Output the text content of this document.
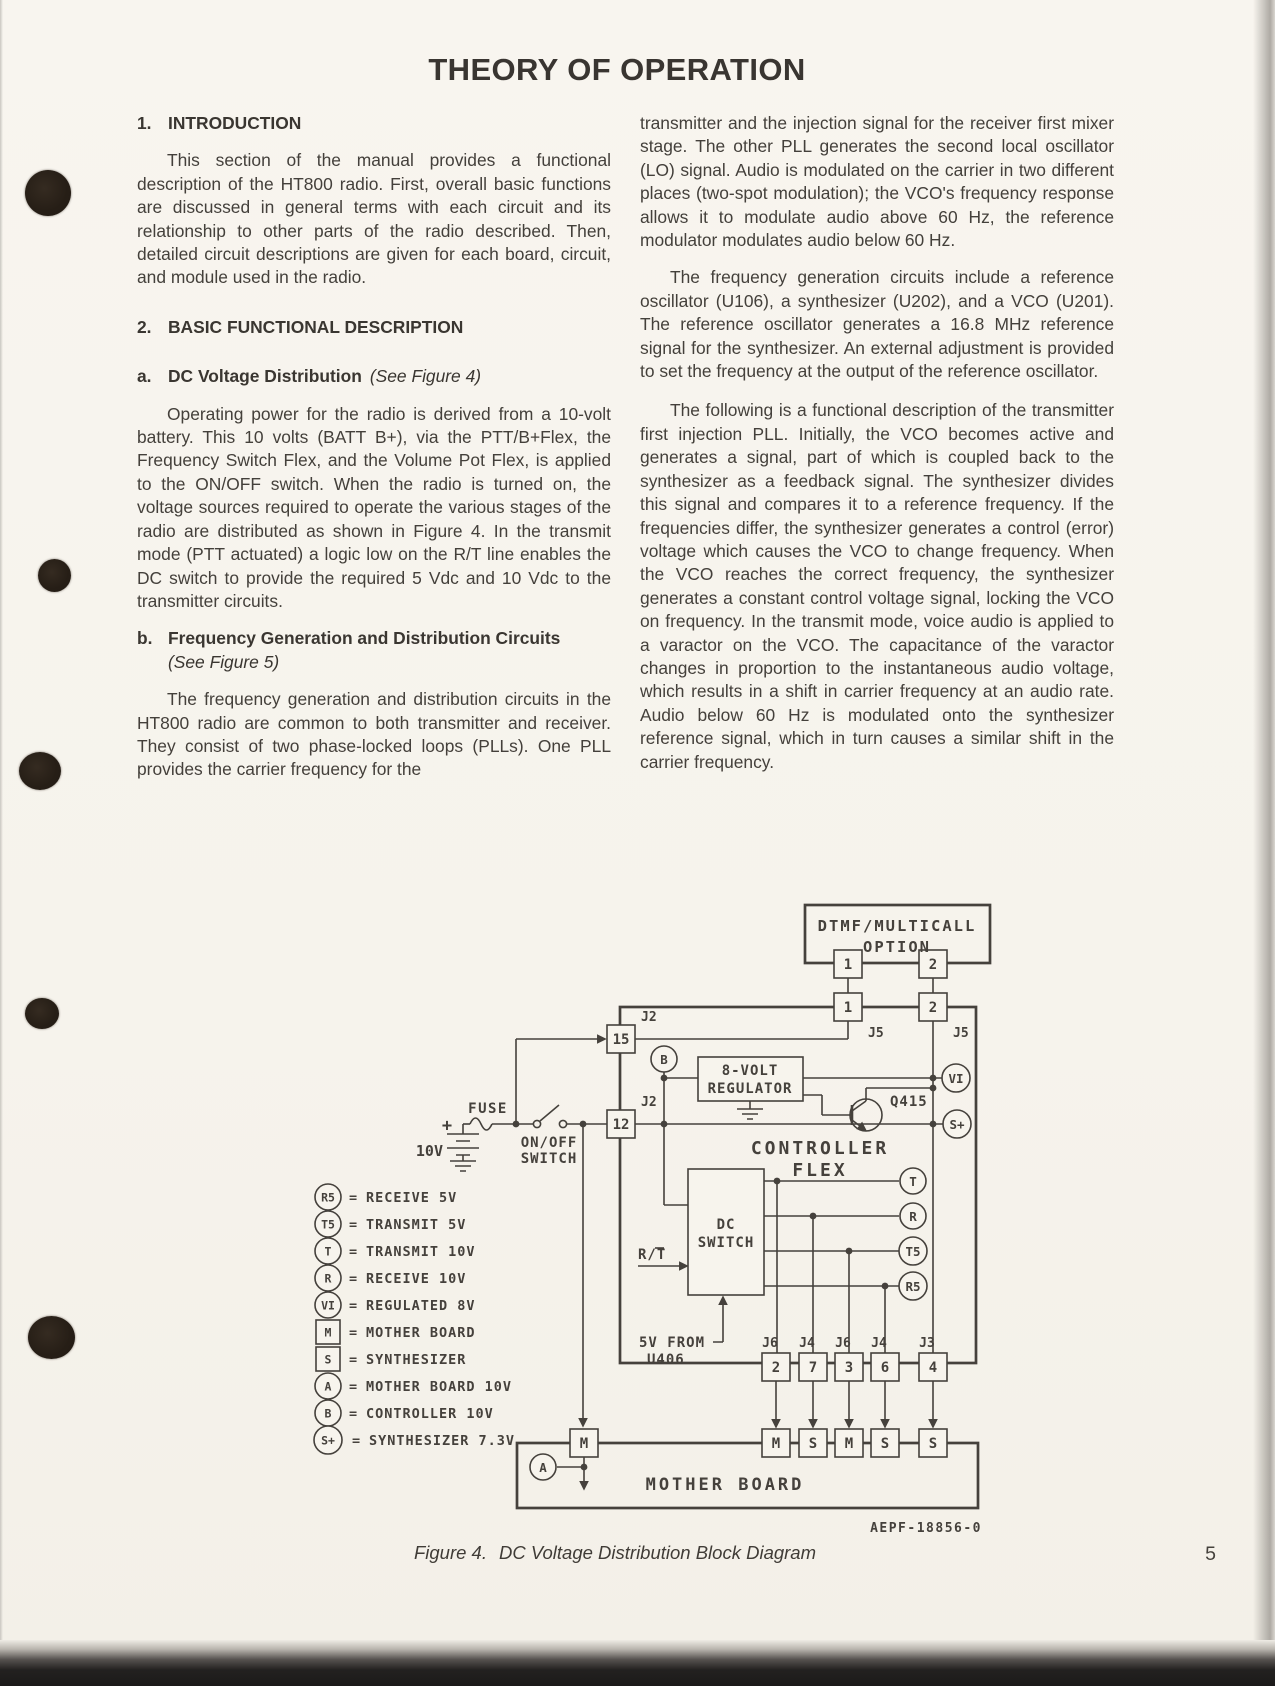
THEORY OF OPERATION
1. INTRODUCTION

This section of the manual provides a functional description of the HT800 radio. First, overall basic functions are discussed in general terms with each circuit and its relationship to other parts of the radio described. Then, detailed circuit descriptions are given for each board, circuit, and module used in the radio.

2. BASIC FUNCTIONAL DESCRIPTION
a. DC Voltage Distribution (See Figure 4)

Operating power for the radio is derived from a 10-volt battery. This 10 volts (BATT B+), via the PTT/B+Flex, the Frequency Switch Flex, and the Volume Pot Flex, is applied to the ON/OFF switch. When the radio is turned on, the voltage sources required to operate the various stages of the radio are distributed as shown in Figure 4. In the transmit mode (PTT actuated) a logic low on the R/T line enables the DC switch to provide the required 5 Vdc and 10 Vdc to the transmitter circuits.

b. Frequency Generation and Distribution Circuits
(See Figure 5)

The frequency generation and distribution circuits in the HT800 radio are common to both transmitter and receiver. They consist of two phase-locked loops (PLLs). One PLL provides the carrier frequency for the

transmitter and the injection signal for the receiver first mixer stage. The other PLL generates the second local oscillator (LO) signal. Audio is modulated on the carrier in two different places (two-spot modulation); the VCO's frequency response allows it to modulate audio above 60 Hz, the reference modulator modulates audio below 60 Hz.

The frequency generation circuits include a reference oscillator (U106), a synthesizer (U202), and a VCO (U201). The reference oscillator generates a 16.8 MHz reference signal for the synthesizer. An external adjustment is provided to set the frequency at the output of the reference oscillator.

The following is a functional description of the transmitter first injection PLL. Initially, the VCO becomes active and generates a signal, part of which is coupled back to the synthesizer as a feedback signal. The synthesizer divides this signal and compares it to a reference frequency. If the frequencies differ, the synthesizer generates a control (error) voltage which causes the VCO to change frequency. When the VCO reaches the correct frequency, the synthesizer generates a constant control voltage signal, locking the VCO on frequency. In the transmit mode, voice audio is applied to a varactor on the VCO. The capacitance of the varactor changes in proportion to the instantaneous audio voltage, which results in a shift in carrier frequency at an audio rate. Audio below 60 Hz is modulated onto the synthesizer reference signal, which in turn causes a similar shift in the carrier frequency.

DTMF/MULTICALL
OPTION
CONTROLLER
FLEX
8-VOLT
REGULATOR
DC
SWITCH
MOTHER BOARD
+
10V
FUSE
ON/OFF
SWITCH
R/T
5V FROM
U406
Q415
J2
J2
J5	J5
J6 J4 J6 J4 J3
1	2
1	2
15
12
2 7 3 6	4
M	M S M S	S
B
VI
S+
T
R
T5
R5
A
R5 = RECEIVE 5V
T5 = TRANSMIT 5V
T = TRANSMIT 10V
R = RECEIVE 10V
VI = REGULATED 8V
M = MOTHER BOARD
S = SYNTHESIZER
A = MOTHER BOARD 10V
B = CONTROLLER 10V
S+ = SYNTHESIZER 7.3V
AEPF-18856-0
Figure 4. DC Voltage Distribution Block Diagram	5
